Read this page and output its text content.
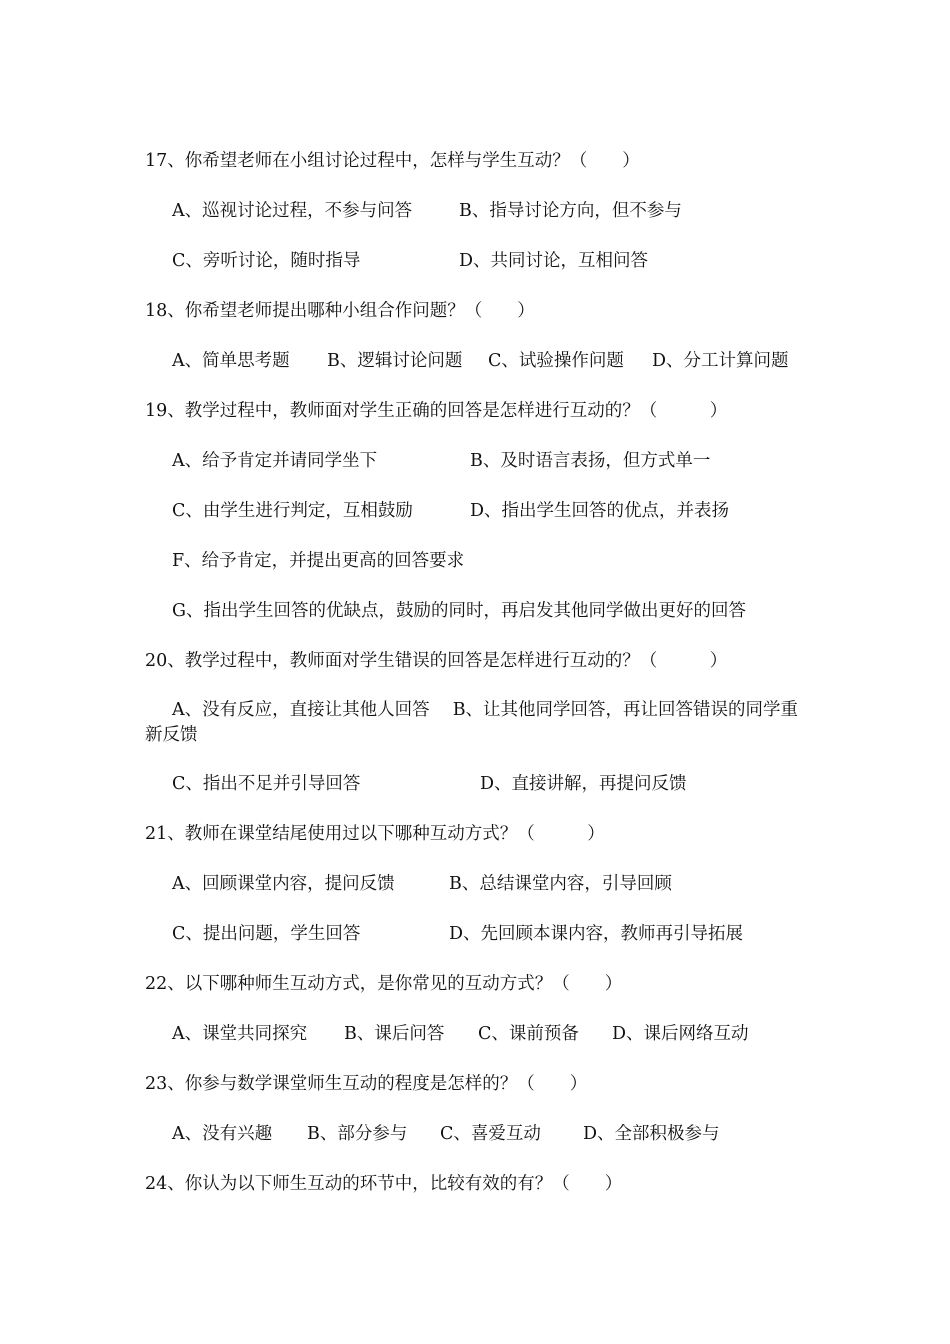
17、你希望老师在小组讨论过程中，怎样与学生互动？（　　）
A、巡视讨论过程，不参与问答	B、指导讨论方向，但不参与
C、旁听讨论，随时指导	D、共同讨论，互相问答
18、你希望老师提出哪种小组合作问题？（　　）
A、简单思考题 B、逻辑讨论问题 C、试验操作问题 D、分工计算问题
19、教学过程中，教师面对学生正确的回答是怎样进行互动的？（　　　）
A、给予肯定并请同学坐下	B、及时语言表扬，但方式单一
C、由学生进行判定，互相鼓励	D、指出学生回答的优点，并表扬
F、给予肯定，并提出更高的回答要求
G、指出学生回答的优缺点，鼓励的同时，再启发其他同学做出更好的回答
20、教学过程中，教师面对学生错误的回答是怎样进行互动的？（　　　）
A、没有反应，直接让其他人回答　 B、让其他同学回答，再让回答错误的同学重新反馈
C、指出不足并引导回答	D、直接讲解，再提问反馈
21、教师在课堂结尾使用过以下哪种互动方式？（　　　）
A、回顾课堂内容，提问反馈	B、总结课堂内容，引导回顾
C、提出问题，学生回答	D、先回顾本课内容，教师再引导拓展
22、以下哪种师生互动方式，是你常见的互动方式？（　　）
A、课堂共同探究 B、课后问答 C、课前预备 D、课后网络互动
23、你参与数学课堂师生互动的程度是怎样的？（　　）
A、没有兴趣 B、部分参与 C、喜爱互动 D、全部积极参与
24、你认为以下师生互动的环节中，比较有效的有？（　　）
